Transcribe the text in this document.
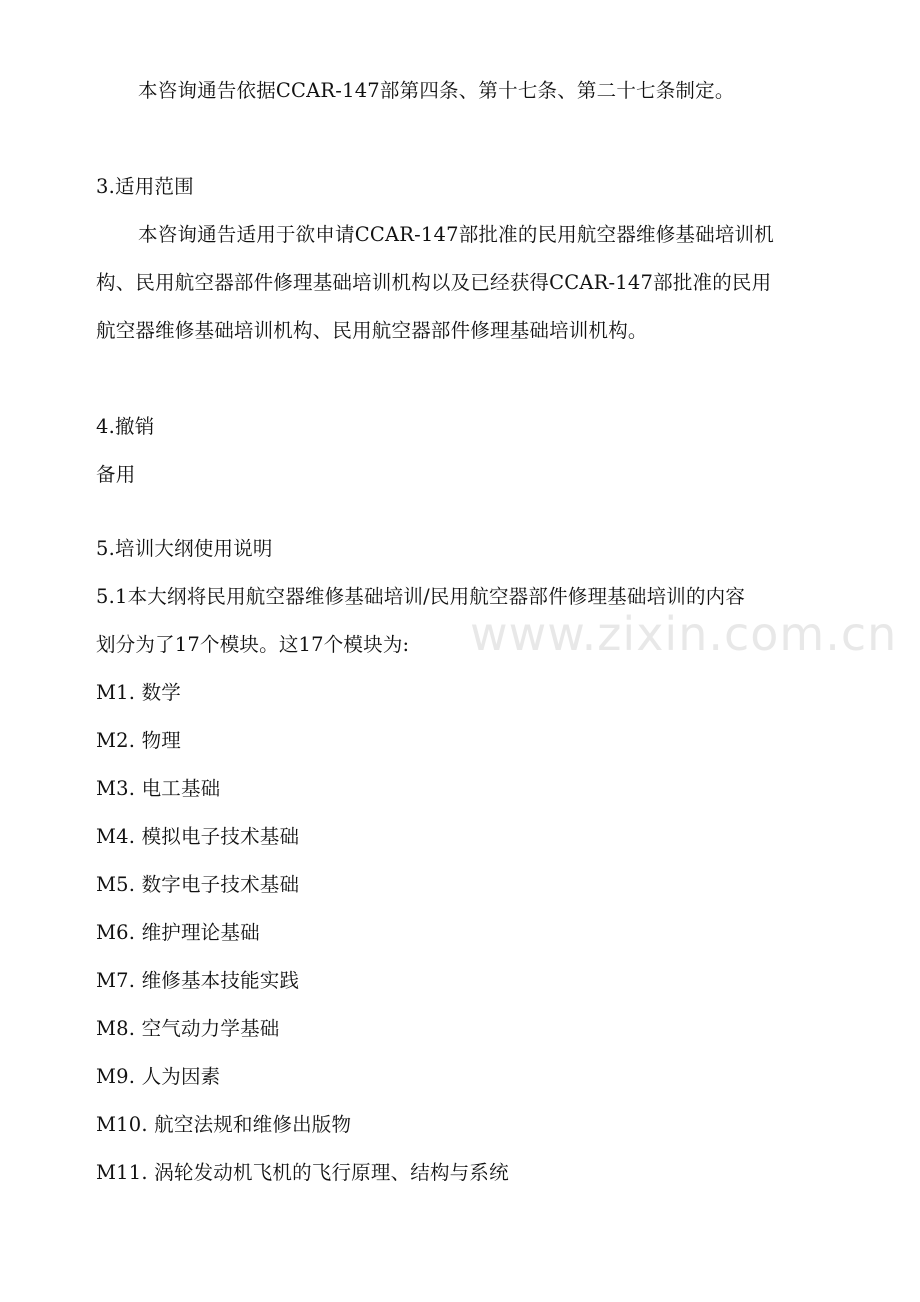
本咨询通告依据CCAR-147部第四条、第十七条、第二十七条制定。
3.适用范围
本咨询通告适用于欲申请CCAR-147部批准的民用航空器维修基础培训机
构、民用航空器部件修理基础培训机构以及已经获得CCAR-147部批准的民用
航空器维修基础培训机构、民用航空器部件修理基础培训机构。
4.撤销
备用
5.培训大纲使用说明
5.1本大纲将民用航空器维修基础培训/民用航空器部件修理基础培训的内容
划分为了17个模块。这17个模块为:
M1. 数学
M2. 物理
M3. 电工基础
M4. 模拟电子技术基础
M5. 数字电子技术基础
M6. 维护理论基础
M7. 维修基本技能实践
M8. 空气动力学基础
M9. 人为因素
M10. 航空法规和维修出版物
M11. 涡轮发动机飞机的飞行原理、结构与系统
www.zixin.com.cn
